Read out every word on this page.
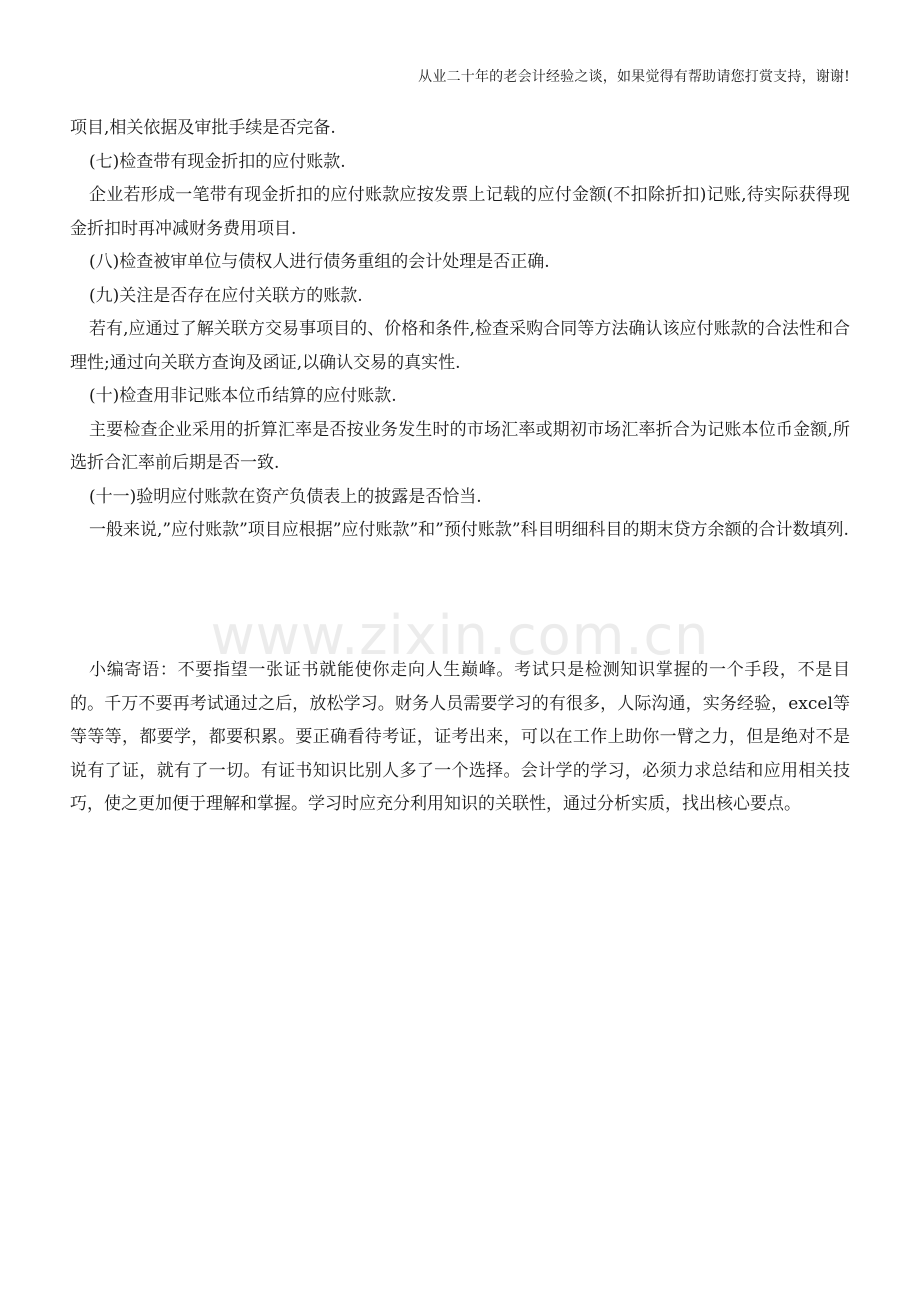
从业二十年的老会计经验之谈，如果觉得有帮助请您打赏支持，谢谢!

项目,相关依据及审批手续是否完备.

(七)检查带有现金折扣的应付账款.

企业若形成一笔带有现金折扣的应付账款应按发票上记载的应付金额(不扣除折扣)记账,待实际获得现金折扣时再冲减财务费用项目.

(八)检查被审单位与债权人进行债务重组的会计处理是否正确.

(九)关注是否存在应付关联方的账款.

若有,应通过了解关联方交易事项目的、价格和条件,检查采购合同等方法确认该应付账款的合法性和合理性;通过向关联方查询及函证,以确认交易的真实性.

(十)检查用非记账本位币结算的应付账款.

主要检查企业采用的折算汇率是否按业务发生时的市场汇率或期初市场汇率折合为记账本位币金额,所选折合汇率前后期是否一致.

(十一)验明应付账款在资产负债表上的披露是否恰当.

一般来说,”应付账款”项目应根据”应付账款”和”预付账款”科目明细科目的期末贷方余额的合计数填列.

www.zixin.com.cn

小编寄语：不要指望一张证书就能使你走向人生巅峰。考试只是检测知识掌握的一个手段，不是目的。千万不要再考试通过之后，放松学习。财务人员需要学习的有很多，人际沟通，实务经验，excel等等等等，都要学，都要积累。要正确看待考证，证考出来，可以在工作上助你一臂之力，但是绝对不是说有了证，就有了一切。有证书知识比别人多了一个选择。会计学的学习，必须力求总结和应用相关技巧，使之更加便于理解和掌握。学习时应充分利用知识的关联性，通过分析实质，找出核心要点。
